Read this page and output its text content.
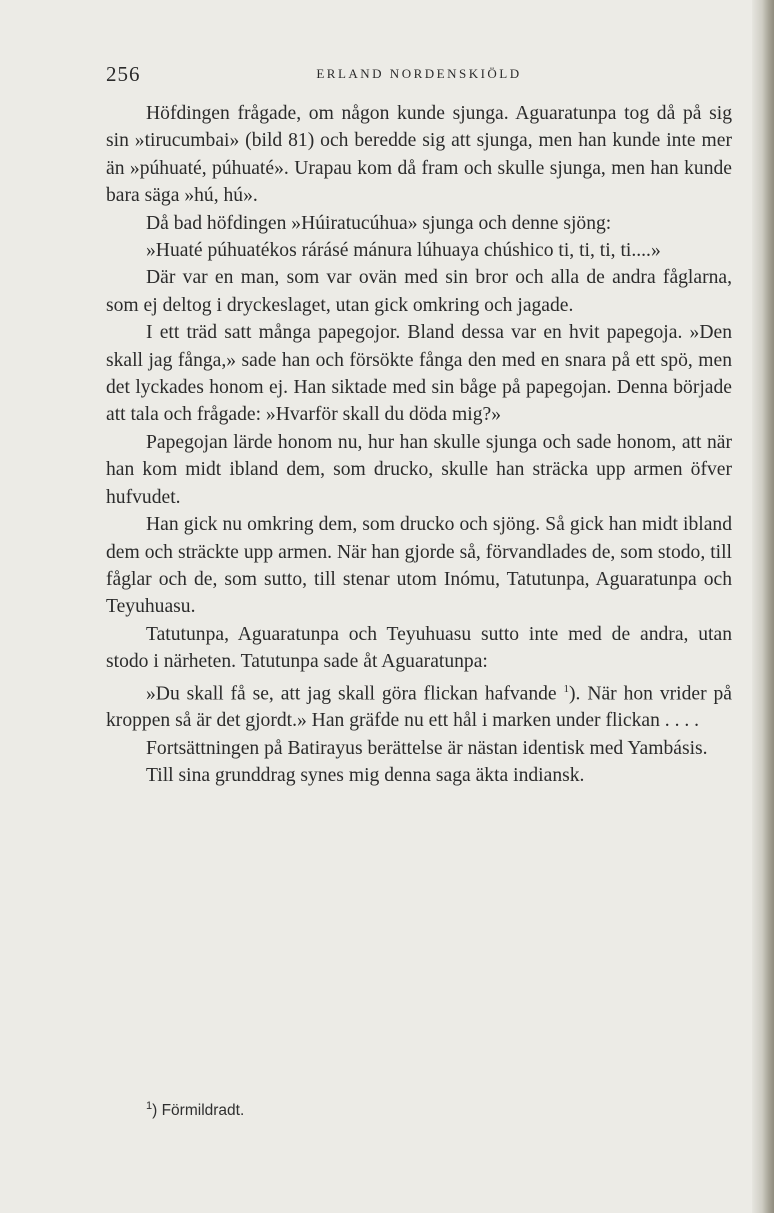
256	ERLAND NORDENSKIÖLD

Höfdingen frågade, om någon kunde sjunga. Aguaratunpa tog då på sig sin »tirucumbai» (bild 81) och beredde sig att sjunga, men han kunde inte mer än »púhuaté, púhuaté». Urapau kom då fram och skulle sjunga, men han kunde bara säga »hú, hú».

Då bad höfdingen »Húiratucúhua» sjunga och denne sjöng:

»Huaté púhuatékos rárásé mánura lúhuaya chúshico ti, ti, ti, ti....»

Där var en man, som var ovän med sin bror och alla de andra fåglarna, som ej deltog i dryckeslaget, utan gick omkring och jagade.

I ett träd satt många papegojor. Bland dessa var en hvit papegoja. »Den skall jag fånga,» sade han och försökte fånga den med en snara på ett spö, men det lyckades honom ej. Han siktade med sin båge på papegojan. Denna började att tala och frågade: »Hvarför skall du döda mig?»

Papegojan lärde honom nu, hur han skulle sjunga och sade honom, att när han kom midt ibland dem, som drucko, skulle han sträcka upp armen öfver hufvudet.

Han gick nu omkring dem, som drucko och sjöng. Så gick han midt ibland dem och sträckte upp armen. När han gjorde så, förvandlades de, som stodo, till fåglar och de, som sutto, till stenar utom Inómu, Tatutunpa, Aguaratunpa och Teyuhuasu.

Tatutunpa, Aguaratunpa och Teyuhuasu sutto inte med de andra, utan stodo i närheten. Tatutunpa sade åt Aguaratunpa:

»Du skall få se, att jag skall göra flickan hafvande $^1$). När hon vrider på kroppen så är det gjordt.» Han gräfde nu ett hål i marken under flickan . . . .

Fortsättningen på Batirayus berättelse är nästan identisk med Yambásis.

Till sina grunddrag synes mig denna saga äkta indiansk.

$^1$) Förmildradt.
